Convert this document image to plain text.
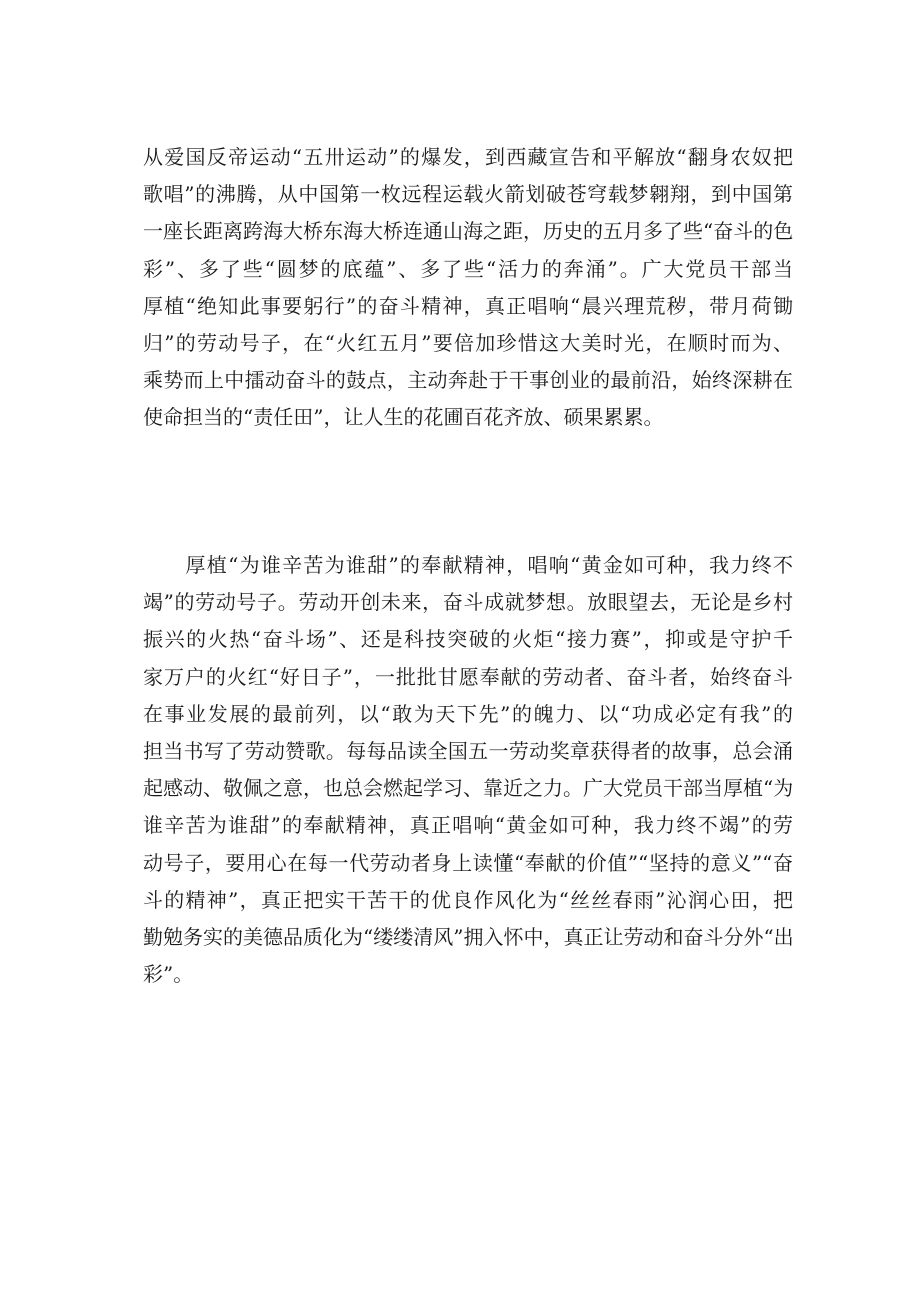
从爱国反帝运动“五卅运动”的爆发，到西藏宣告和平解放“翻身农奴把
歌唱”的沸腾，从中国第一枚远程运载火箭划破苍穹载梦翱翔，到中国第
一座长距离跨海大桥东海大桥连通山海之距，历史的五月多了些“奋斗的色
彩”、多了些“圆梦的底蕴”、多了些“活力的奔涌”。广大党员干部当
厚植“绝知此事要躬行”的奋斗精神，真正唱响“晨兴理荒秽，带月荷锄
归”的劳动号子，在“火红五月”要倍加珍惜这大美时光，在顺时而为、
乘势而上中擂动奋斗的鼓点，主动奔赴于干事创业的最前沿，始终深耕在
使命担当的“责任田”，让人生的花圃百花齐放、硕果累累。
　　厚植“为谁辛苦为谁甜”的奉献精神，唱响“黄金如可种，我力终不
竭”的劳动号子。劳动开创未来，奋斗成就梦想。放眼望去，无论是乡村
振兴的火热“奋斗场”、还是科技突破的火炬“接力赛”，抑或是守护千
家万户的火红“好日子”，一批批甘愿奉献的劳动者、奋斗者，始终奋斗
在事业发展的最前列，以“敢为天下先”的魄力、以“功成必定有我”的
担当书写了劳动赞歌。每每品读全国五一劳动奖章获得者的故事，总会涌
起感动、敬佩之意，也总会燃起学习、靠近之力。广大党员干部当厚植“为
谁辛苦为谁甜”的奉献精神，真正唱响“黄金如可种，我力终不竭”的劳
动号子，要用心在每一代劳动者身上读懂“奉献的价值”“坚持的意义”“奋
斗的精神”，真正把实干苦干的优良作风化为“丝丝春雨”沁润心田，把
勤勉务实的美德品质化为“缕缕清风”拥入怀中，真正让劳动和奋斗分外“出
彩”。
